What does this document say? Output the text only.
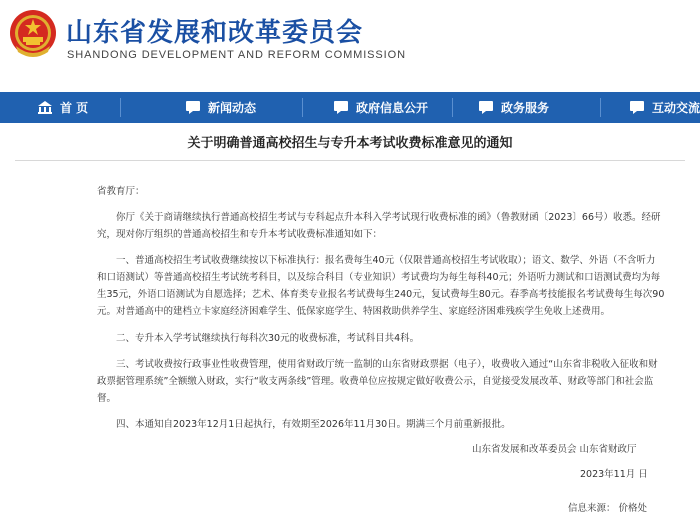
山东省发展和改革委员会
SHANDONG DEVELOPMENT AND REFORM COMMISSION
首 页	新闻动态	政府信息公开	政务服务	互动交流
关于明确普通高校招生与专升本考试收费标准意见的通知
省教育厅：
你厅《关于商请继续执行普通高校招生考试与专科起点升本科入学考试现行收费标准的函》（鲁教财函〔2023〕66号）收悉。经研
究，现对你厅组织的普通高校招生和专升本考试收费标准通知如下：
一、普通高校招生考试收费继续按以下标准执行：报名费每生40元（仅限普通高校招生考试收取）；语文、数学、外语（不含听力
和口语测试）等普通高校招生考试统考科目，以及综合科目（专业知识）考试费均为每生每科40元；外语听力测试和口语测试费均为每
生35元，外语口语测试为自愿选择；艺术、体育类专业报名考试费每生240元，复试费每生80元。春季高考技能报名考试费每生每次90
元。对普通高中的建档立卡家庭经济困难学生、低保家庭学生、特困救助供养学生、家庭经济困难残疾学生免收上述费用。
二、专升本入学考试继续执行每科次30元的收费标准，考试科目共4科。
三、考试收费按行政事业性收费管理，使用省财政厅统一监制的山东省财政票据（电子），收费收入通过“山东省非税收入征收和财
政票据管理系统”全额缴入财政，实行“收支两条线”管理。收费单位应按规定做好收费公示，自觉接受发展改革、财政等部门和社会监
督。
四、本通知自2023年12月1日起执行，有效期至2026年11月30日。期满三个月前重新报批。
山东省发展和改革委员会 山东省财政厅
2023年11月 日
信息来源： 价格处
